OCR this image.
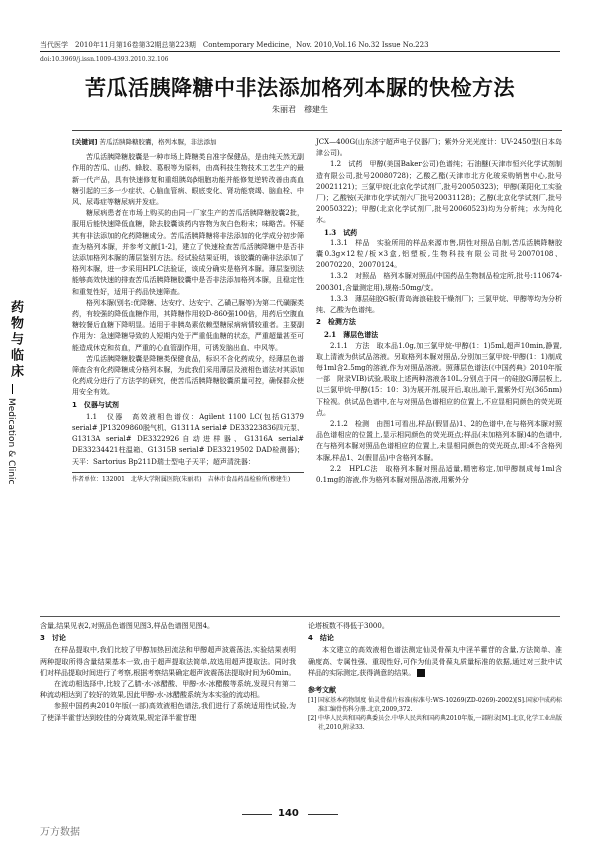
当代医学　2010年11月第16卷第32期总第223期　Contemporary Medicine，Nov. 2010,Vol.16 No.32 Issue No.223
doi:10.3969/j.issn.1009-4393.2010.32.106
苦瓜活胰降糖中非法添加格列本脲的快检方法
朱丽君　穆建生
药物与临床
Medication & Clinic

[关键词] 苦瓜活胰降糖胶囊，格列本脲，非法添加

苦瓜活胰降糖胶囊是一种市场上降糖类自准字保健品，是由纯天然无副作用的苦瓜、山药、蜂胶、葛根等为原料，由高科技生物技术工艺生产的最新一代产品，具有快速修复和重组胰岛β细胞功能并能修复逆转改善由高血糖引起的三多一少症状、心脑血管病、眼底变化、肾功能衰竭、脑血栓、中风、尿毒症等糖尿病并发症。

糖尿病患者在市场上购买的由同一厂家生产的苦瓜活胰降糖胶囊2批，服用后能快速降低血糖，除去胶囊该药内容物为灰白色粉末；味略苦。怀疑其有非法添加的化药降糖成分。苦瓜活胰降糖将非法添加的化学成分初步筛查为格列本脲，并参考文献[1-2]，建立了快速检查苦瓜活胰降糖中是否非法添加格列本脲的薄层鉴别方法。经试验结果证明，该胶囊的确非法添加了格列本脲，进一步采用HPLC法验证，该成分确实是格列本脲。薄层鉴别法能够高效快速的排查苦瓜活胰降糖胶囊中是否非法添加格列本脲，且稳定性和重复性好，适用于药品快速筛查。

格列本脲(别名:优降糖、达安疗、达安宁、乙磺己脲等)为第二代磺脲类药，有较强的降低血糖作用，其降糖作用较D-860强100倍，用药后空腹血糖较餐后血糖下降明显。适用于非胰岛素依赖型糖尿病病情较重者。主要副作用为：急速降糖导致的人短期内处于严重低血糖的状态，严重超量甚至可能造成休克和贫血，严重的心血管副作用，可诱发脑出血、中风等。

苦瓜活胰降糖胶囊是降糖类保健食品，标识不含化药成分，经薄层色谱筛查含有化药降糖成分格列本脲，为此我们采用薄层及液相色谱法对其添加化药成分进行了方法学的研究，使苦瓜活胰降糖胶囊质量可控，确保群众使用安全有效。

1　仪器与试剂

1.1　仪器　高效液相色谱仪：Agilent 1100 LC(包括G1379 serial# JP13209860脱气机、G1311A serial# DE33223836四元泵、G1313A serial# DE3322926自动进样器、G1316A serial# DE33234421柱温箱、G1315B serial# DE33219502 DAD检测器)；天平：Sartorius Bp211D瑞士型电子天平；超声清洗器：

作者单位：132001　北华大学附属医院(朱丽君)　吉林市食品药品检验所(穆建生)

JCX—400G(山东济宁超声电子仪器厂)；紫外分光光度计：UV-2450型(日本岛津公司)。

1.2　试药　甲醇(美国Baker公司)色谱纯；石油醚(天津市恒兴化学试剂制造有限公司,批号20080728)；乙酸乙酯(天津市北方化玻采购销售中心,批号20021121)；三氯甲烷(北京化学试剂厂,批号20050323)；甲醇(莱阳化工实验厂)；乙酸铵(天津市化学试剂六厂批号20031128)；乙醇(北京化学试剂厂,批号20050322)；甲醇(北京化学试剂厂,批号20060523)均为分析纯；水为纯化水。

1.3　试药

1.3.1　样品　实验所用的样品来源市售,阴性对照品自制,苦瓜活胰降糖胶囊0.3g×12粒/板×3盒,铝塑板,生物科技有限公司批号20070108、20070220、20070124。

1.3.2　对照品　格列本脲对照品(中国药品生物制品检定所,批号:110674-200301,含量测定用),规格:50mg/支。

1.3.3　薄层硅胶G板(青岛海浪硅胶干燥剂厂)；三氯甲烷、甲醇等均为分析纯、乙酸为色谱纯。

2　检测方法

2.1　薄层色谱法

2.1.1　方法　取本品1.0g,加三氯甲烷-甲醇(1：1)5ml,超声10min,静置,取上清液为供试品溶液。另取格列本脲对照品,分别加三氯甲烷-甲醇(1：1)制成每1ml含2.5mg的溶液,作为对照品溶液。照薄层色谱法(《中国药典》2010年版一部　附录VIB)试验,吸取上述两种溶液各10L,分别点于同一的硅胶G薄层板上,以三氯甲烷-甲醇(15：10：3)为展开剂,展开后,取出,晾干,置紫外灯光(365nm)下检视。供试品色谱中,在与对照品色谱相应的位置上,不应显相同颜色的荧光斑点。

2.1.2　检测　由图1可看出,样品(假冒品)1、2的色谱中,在与格列本脲对照品色谱相应的位置上,显示相同颜色的荧光斑点;样品(未加格列本脲)4的色谱中,在与格列本脲对照品色谱相应的位置上,未显相同颜色的荧光斑点,即:4不含格列本脲,样品1、2(假冒品)中含格列本脲。

2.2　HPLC法　取格列本脲对照品适量,精密称定,加甲醇制成每1ml含0.1mg的溶液,作为格列本脲对照品溶液,用紫外分

含量,结果见表2,对照品色谱图见图3,样品色谱图见图4。

3　讨论

在样品提取中,我们比较了甲醇加热回流法和甲醇超声波震荡法,实验结果表明两种提取所得含量结果基本一致,由于超声提取法简单,故选用超声提取法。同时我们对样品提取时间进行了考察,根据考察结果确定超声波震荡法提取时间为60min。

在流动相选择中,比较了乙腈-水-冰醋酸、甲醇-水-冰醋酸等系统,发现只有第二种流动相达到了较好的效果,因此甲醇-水-冰醋酸系统为本实验的流动相。

参照中国药典2010年版(一部)高效液相色谱法,我们进行了系统适用性试验,为了使泽半霍苷达到较佳的分离效果,规定泽半霍苷理

论塔板数不得低于3000。

4　结论

本文建立的高效液相色谱法测定仙灵骨葆丸中淫羊藿苷的含量,方法简单、准确度高、专属性强、重现性好,可作为仙灵骨葆丸质量标准的依据,通过对三批中试样品的实际测定,获得满意的结果。

参考文献

[1] 国家基本药物制度 仙灵骨葆片标准(标准号:WS-10269(ZD-0269)-2002)[S].国家中成药标准汇编骨伤科分册.北京,2009,372.

[2] 中华人民共和国药典委员会.中华人民共和国药典2010年版,一部附录[M].北京,化学工业出版社,2010,附录33.

140
万方数据
